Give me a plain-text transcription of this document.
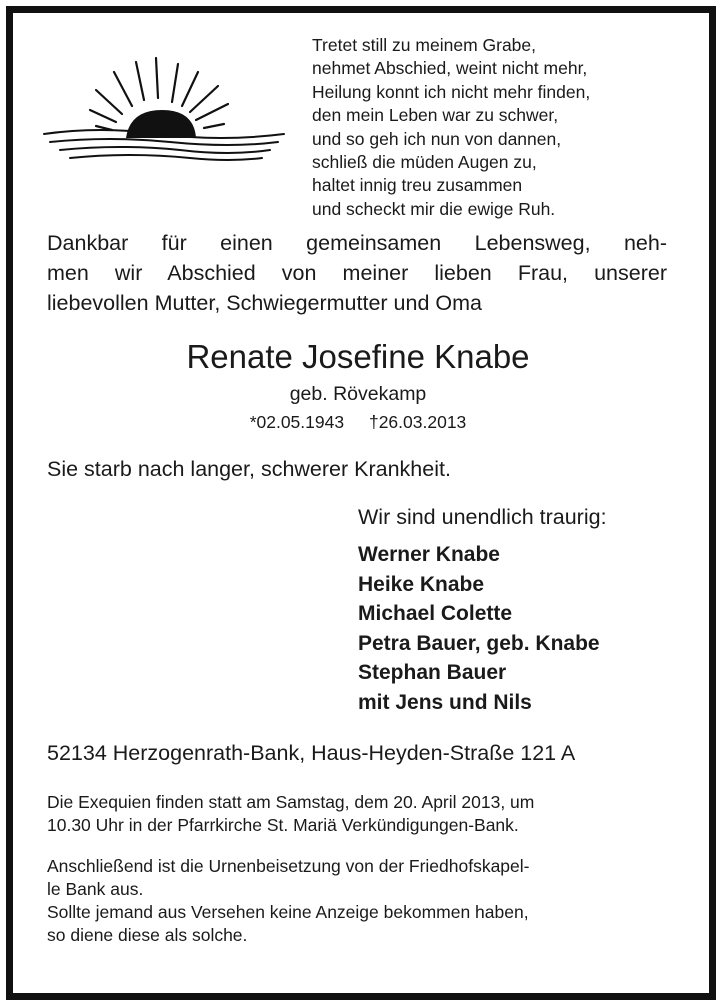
Tretet still zu meinem Grabe,
nehmet Abschied, weint nicht mehr,
Heilung konnt ich nicht mehr finden,
den mein Leben war zu schwer,
und so geh ich nun von dannen,
schließ die müden Augen zu,
haltet innig treu zusammen
und scheckt mir die ewige Ruh.
Dankbar für einen gemeinsamen Lebensweg, neh-
men wir Abschied von meiner lieben Frau, unserer
liebevollen Mutter, Schwiegermutter und Oma
Renate Josefine Knabe
geb. Rövekamp
*02.05.1943 †26.03.2013
Sie starb nach langer, schwerer Krankheit.
Wir sind unendlich traurig:
Werner Knabe
Heike Knabe
Michael Colette
Petra Bauer, geb. Knabe
Stephan Bauer
mit Jens und Nils
52134 Herzogenrath-Bank, Haus-Heyden-Straße 121 A
Die Exequien finden statt am Samstag, dem 20. April 2013, um
10.30 Uhr in der Pfarrkirche St. Mariä Verkündigungen-Bank.
Anschließend ist die Urnenbeisetzung von der Friedhofskapel-
le Bank aus.
Sollte jemand aus Versehen keine Anzeige bekommen haben,
so diene diese als solche.
